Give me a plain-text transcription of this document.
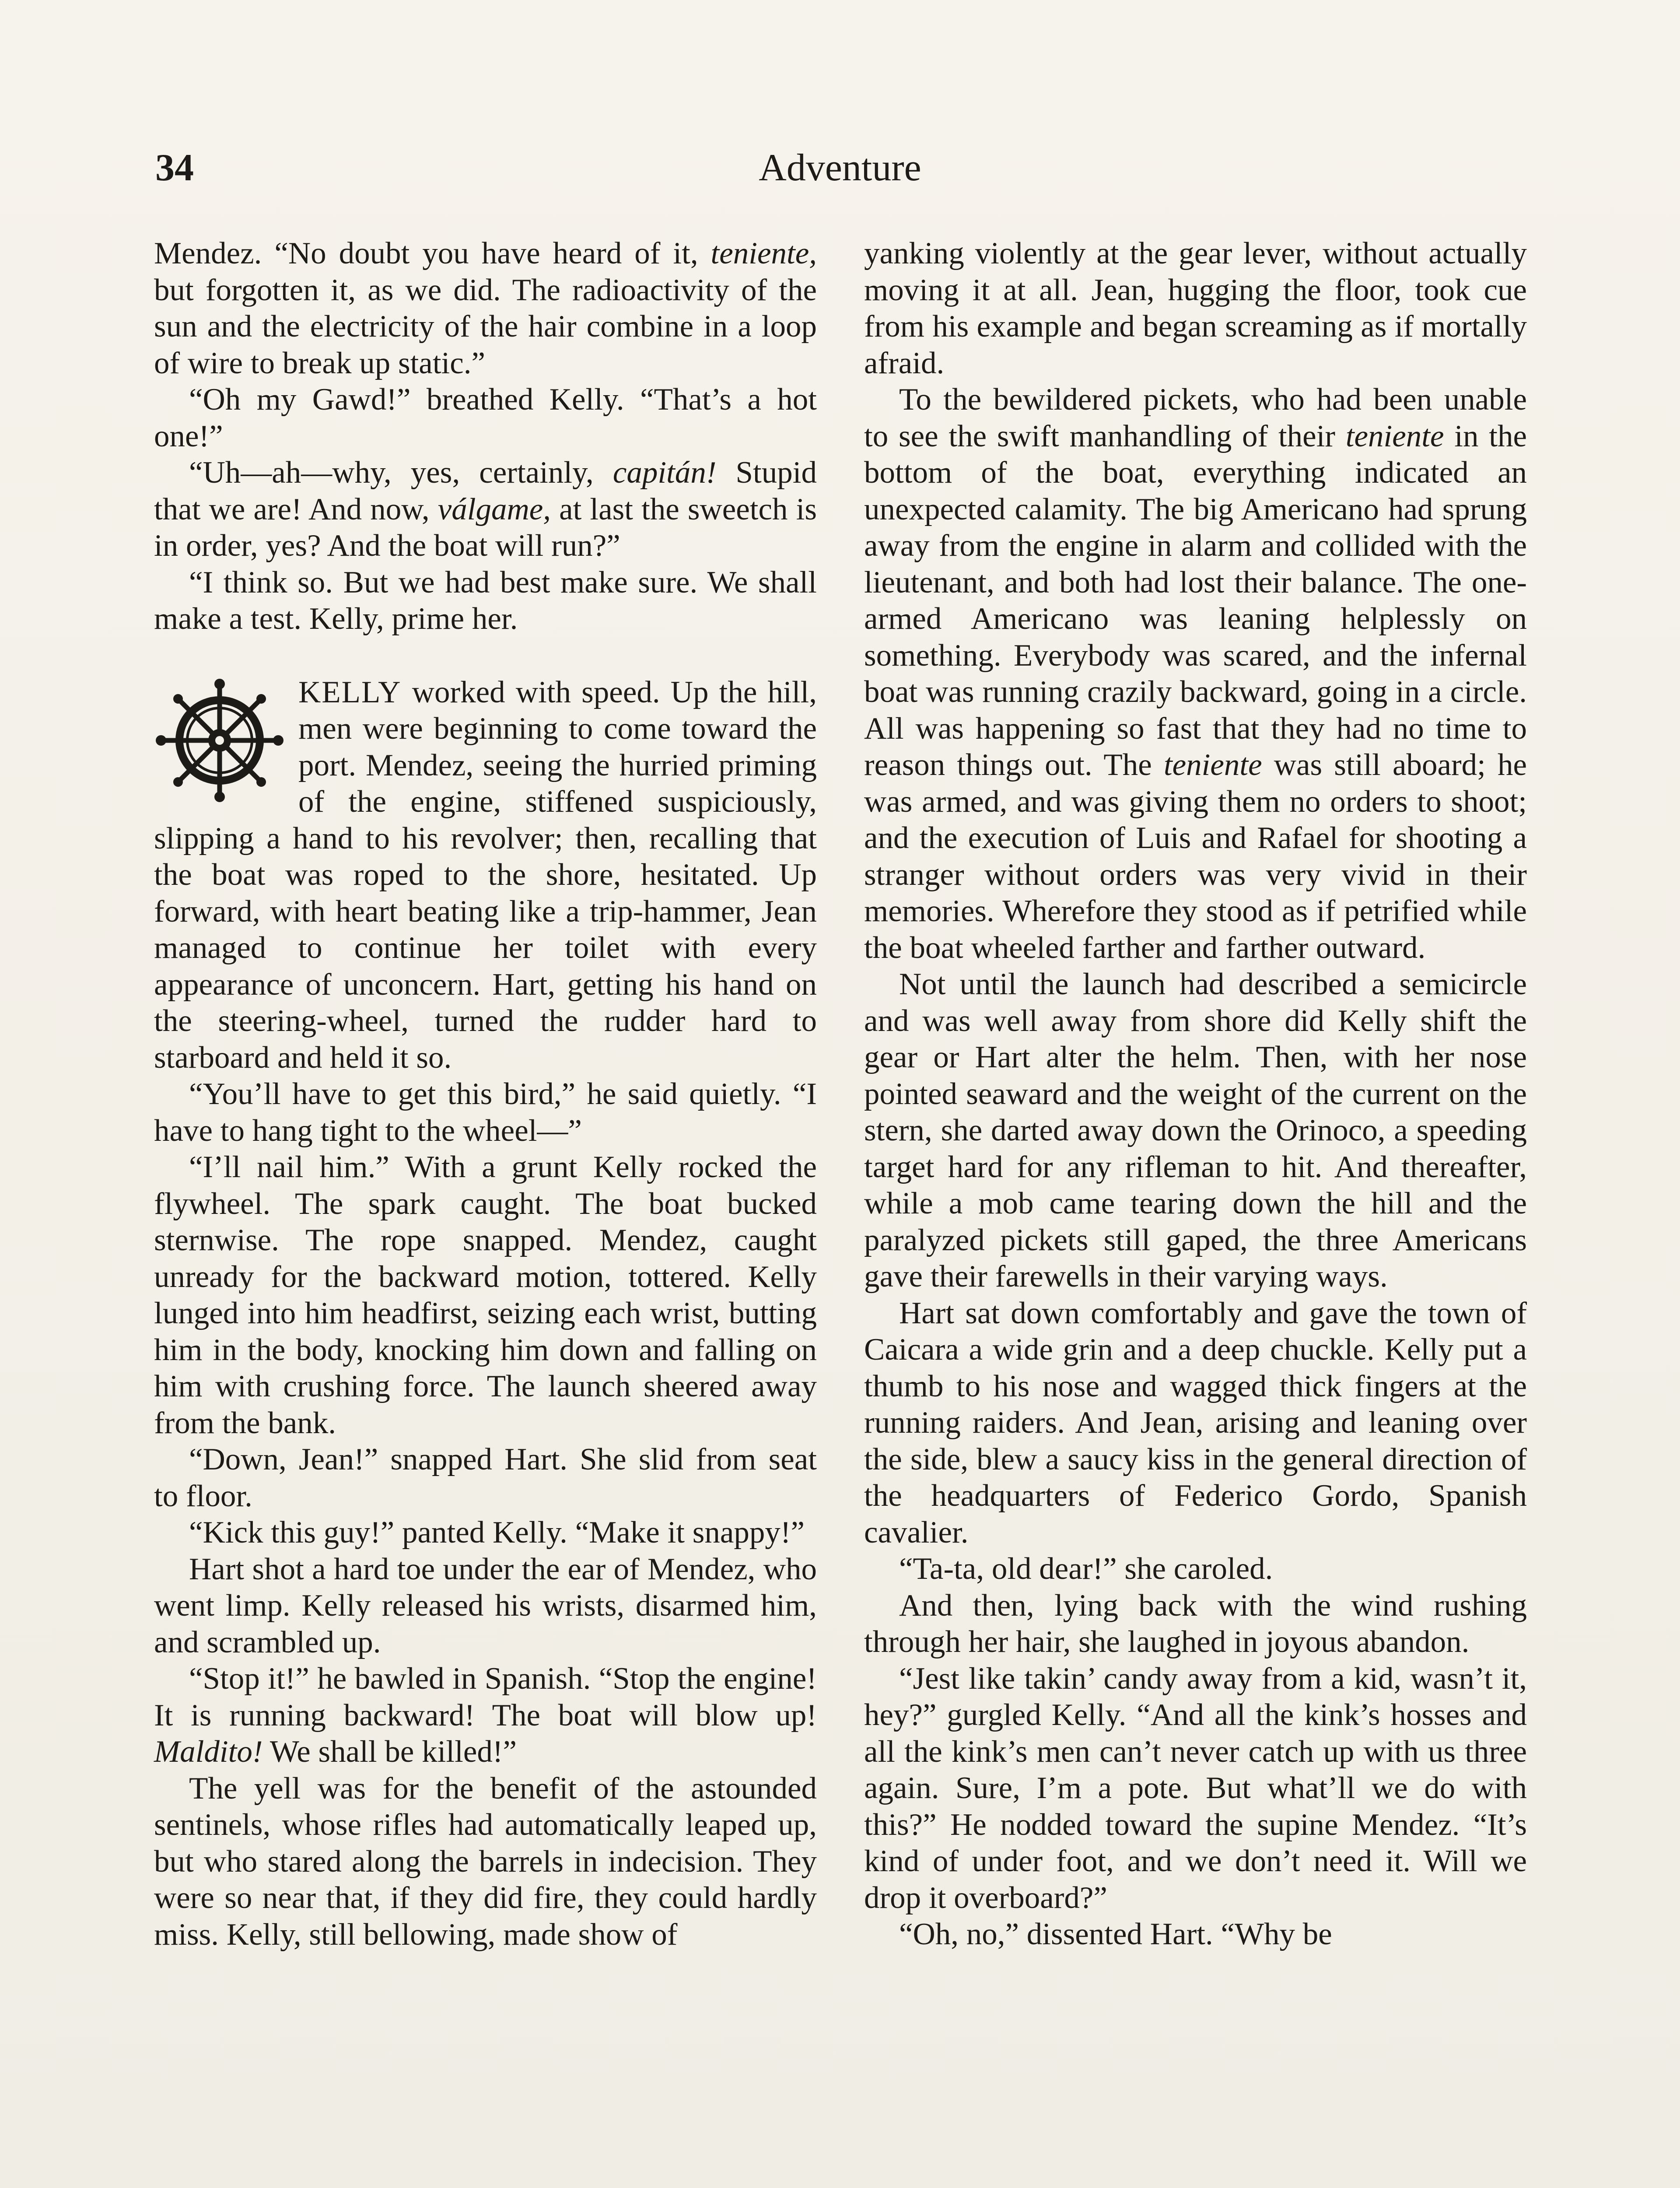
34	Adventure

Mendez. “No doubt you have heard of it, teniente, but forgotten it, as we did. The radioactivity of the sun and the electricity of the hair combine in a loop of wire to break up static.”

“Oh my Gawd!” breathed Kelly. “That’s a hot one!”

“Uh—ah—why, yes, certainly, capitán! Stupid that we are! And now, válgame, at last the sweetch is in order, yes? And the boat will run?”

“I think so. But we had best make sure. We shall make a test. Kelly, prime her.

KELLY worked with speed. Up the hill, men were beginning to come toward the port. Mendez, seeing the hurried priming of the engine, stiffened suspiciously, slipping a hand to his revolver; then, recalling that the boat was roped to the shore, hesitated. Up forward, with heart beating like a trip-hammer, Jean managed to continue her toilet with every appearance of unconcern. Hart, getting his hand on the steering-wheel, turned the rudder hard to starboard and held it so.

“You’ll have to get this bird,” he said quietly. “I have to hang tight to the wheel—”

“I’ll nail him.” With a grunt Kelly rocked the flywheel. The spark caught. The boat bucked sternwise. The rope snapped. Mendez, caught unready for the backward motion, tottered. Kelly lunged into him headfirst, seizing each wrist, butting him in the body, knocking him down and falling on him with crushing force. The launch sheered away from the bank.

“Down, Jean!” snapped Hart. She slid from seat to floor.

“Kick this guy!” panted Kelly. “Make it snappy!”

Hart shot a hard toe under the ear of Mendez, who went limp. Kelly released his wrists, disarmed him, and scrambled up.

“Stop it!” he bawled in Spanish. “Stop the engine! It is running backward! The boat will blow up! Maldito! We shall be killed!”

The yell was for the benefit of the astounded sentinels, whose rifles had automatically leaped up, but who stared along the barrels in indecision. They were so near that, if they did fire, they could hardly miss. Kelly, still bellowing, made show of

yanking violently at the gear lever, without actually moving it at all. Jean, hugging the floor, took cue from his example and began screaming as if mortally afraid.

To the bewildered pickets, who had been unable to see the swift manhandling of their teniente in the bottom of the boat, everything indicated an unexpected calamity. The big Americano had sprung away from the engine in alarm and collided with the lieutenant, and both had lost their balance. The one-armed Americano was leaning helplessly on something. Everybody was scared, and the infernal boat was running crazily backward, going in a circle. All was happening so fast that they had no time to reason things out. The teniente was still aboard; he was armed, and was giving them no orders to shoot; and the execution of Luis and Rafael for shooting a stranger without orders was very vivid in their memories. Wherefore they stood as if petrified while the boat wheeled farther and farther outward.

Not until the launch had described a semicircle and was well away from shore did Kelly shift the gear or Hart alter the helm. Then, with her nose pointed seaward and the weight of the current on the stern, she darted away down the Orinoco, a speeding target hard for any rifleman to hit. And thereafter, while a mob came tearing down the hill and the paralyzed pickets still gaped, the three Americans gave their farewells in their varying ways.

Hart sat down comfortably and gave the town of Caicara a wide grin and a deep chuckle. Kelly put a thumb to his nose and wagged thick fingers at the running raiders. And Jean, arising and leaning over the side, blew a saucy kiss in the general direction of the headquarters of Federico Gordo, Spanish cavalier.

“Ta-ta, old dear!” she caroled.

And then, lying back with the wind rushing through her hair, she laughed in joyous abandon.

“Jest like takin’ candy away from a kid, wasn’t it, hey?” gurgled Kelly. “And all the kink’s hosses and all the kink’s men can’t never catch up with us three again. Sure, I’m a pote. But what’ll we do with this?” He nodded toward the supine Mendez. “It’s kind of under foot, and we don’t need it. Will we drop it overboard?”

“Oh, no,” dissented Hart. “Why be
